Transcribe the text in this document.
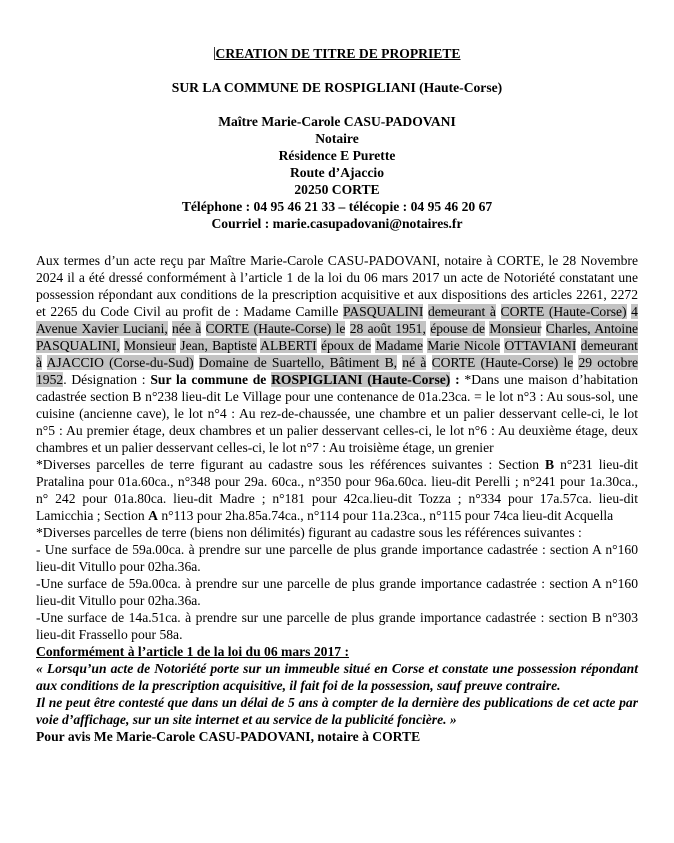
CREATION DE TITRE DE PROPRIETE
SUR LA COMMUNE DE ROSPIGLIANI (Haute-Corse)
Maître Marie-Carole CASU-PADOVANI
Notaire
Résidence E Purette
Route d’Ajaccio
20250 CORTE
Téléphone : 04 95 46 21 33 – télécopie : 04 95 46 20 67
Courriel : marie.casupadovani@notaires.fr

Aux termes d’un acte reçu par Maître Marie-Carole CASU-PADOVANI, notaire à CORTE, le 28 Novembre 2024 il a été dressé conformément à l’article 1 de la loi du 06 mars 2017 un acte de Notoriété constatant une possession répondant aux conditions de la prescription acquisitive et aux dispositions des articles 2261, 2272 et 2265 du Code Civil au profit de : Madame Camille PASQUALINI demeurant à CORTE (Haute-Corse) 4 Avenue Xavier Luciani, née à CORTE (Haute-Corse) le 28 août 1951, épouse de Monsieur Charles, Antoine PASQUALINI, Monsieur Jean, Baptiste ALBERTI époux de Madame Marie Nicole OTTAVIANI demeurant à AJACCIO (Corse-du-Sud) Domaine de Suartello, Bâtiment B, né à CORTE (Haute-Corse) le 29 octobre 1952. Désignation : Sur la commune de ROSPIGLIANI (Haute-Corse) : *Dans une maison d’habitation cadastrée section B n°238 lieu-dit Le Village pour une contenance de 01a.23ca. = le lot n°3 : Au sous-sol, une cuisine (ancienne cave), le lot n°4 : Au rez-de-chaussée, une chambre et un palier desservant celle-ci, le lot n°5 : Au premier étage, deux chambres et un palier desservant celles-ci, le lot n°6 : Au deuxième étage, deux chambres et un palier desservant celles-ci, le lot n°7 : Au troisième étage, un grenier

*Diverses parcelles de terre figurant au cadastre sous les références suivantes : Section B n°231 lieu-dit Pratalina pour 01a.60ca., n°348 pour 29a. 60ca., n°350 pour 96a.60ca. lieu-dit Perelli ; n°241 pour 1a.30ca., n° 242 pour 01a.80ca. lieu-dit Madre ; n°181 pour 42ca.lieu-dit Tozza ; n°334 pour 17a.57ca. lieu-dit Lamicchia ; Section A n°113 pour 2ha.85a.74ca., n°114 pour 11a.23ca., n°115 pour 74ca lieu-dit Acquella

*Diverses parcelles de terre (biens non délimités) figurant au cadastre sous les références suivantes :

- Une surface de 59a.00ca. à prendre sur une parcelle de plus grande importance cadastrée : section A n°160 lieu-dit Vitullo pour 02ha.36a.

-Une surface de 59a.00ca. à prendre sur une parcelle de plus grande importance cadastrée : section A n°160 lieu-dit Vitullo pour 02ha.36a.

-Une surface de 14a.51ca. à prendre sur une parcelle de plus grande importance cadastrée : section B n°303 lieu-dit Frassello pour 58a.

Conformément à l’article 1 de la loi du 06 mars 2017 :

« Lorsqu’un acte de Notoriété porte sur un immeuble situé en Corse et constate une possession répondant aux conditions de la prescription acquisitive, il fait foi de la possession, sauf preuve contraire.

Il ne peut être contesté que dans un délai de 5 ans à compter de la dernière des publications de cet acte par voie d’affichage, sur un site internet et au service de la publicité foncière. »

Pour avis Me Marie-Carole CASU-PADOVANI, notaire à CORTE
